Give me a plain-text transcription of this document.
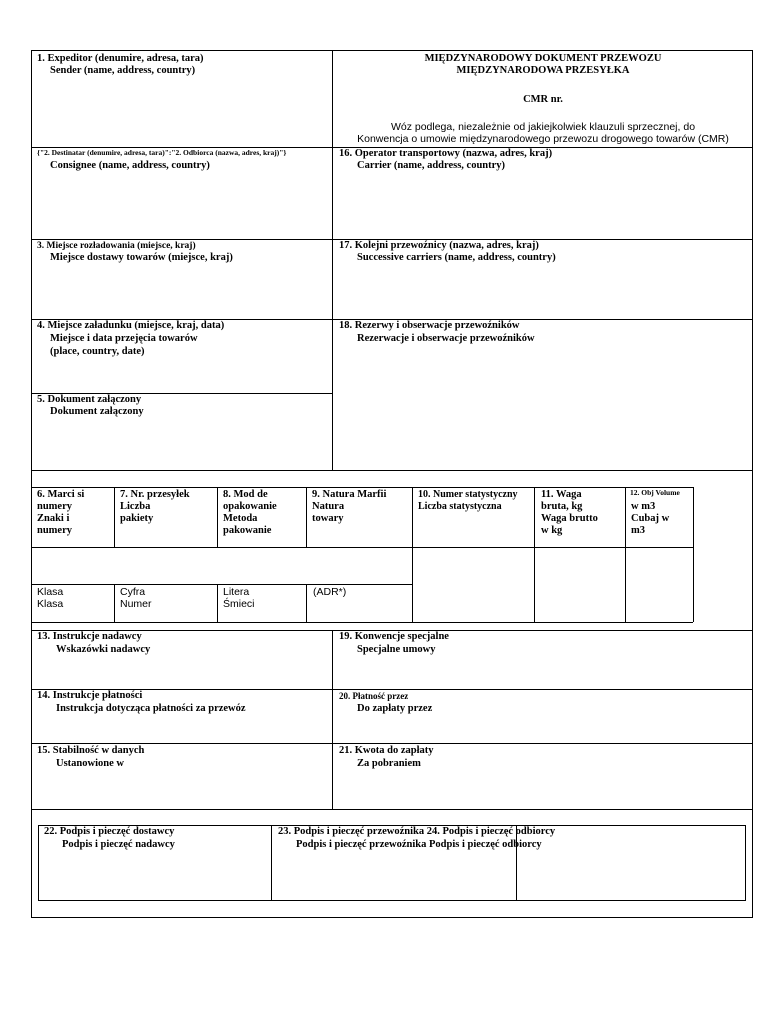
1. Expeditor (denumire, adresa, tara)
Sender (name, address, country)
MIĘDZYNARODOWY DOKUMENT PRZEWOZU
MIĘDZYNARODOWA PRZESYŁKA
CMR nr.
Wóz podlega, niezależnie od jakiejkolwiek klauzuli sprzecznej, do
Konwencja o umowie międzynarodowego przewozu drogowego towarów (CMR)
{"2. Destinatar (denumire, adresa, tara)":"2. Odbiorca (nazwa, adres, kraj)"}
Consignee (name, address, country)
16. Operator transportowy (nazwa, adres, kraj)
Carrier (name, address, country)
3. Miejsce rozładowania (miejsce, kraj)
Miejsce dostawy towarów (miejsce, kraj)
17. Kolejni przewoźnicy (nazwa, adres, kraj)
Successive carriers (name, address, country)
4. Miejsce załadunku (miejsce, kraj, data)
Miejsce i data przejęcia towarów
(place, country, date)
18. Rezerwy i obserwacje przewoźników
Rezerwacje i obserwacje przewoźników
5. Dokument załączony
Dokument załączony
6. Marci si
numery
Znaki i
numery
7. Nr. przesyłek
Liczba
pakiety
8. Mod de
opakowanie
Metoda
pakowanie
9. Natura Marfii
Natura
towary
10. Numer statystyczny
Liczba statystyczna
11. Waga
bruta, kg
Waga brutto
w kg
12. Obj Volume
w m3
Cubaj w
m3
Klasa
Klasa
Cyfra
Numer
Litera
Śmieci
(ADR*)
13. Instrukcje nadawcy
Wskazówki nadawcy
19. Konwencje specjalne
Specjalne umowy
14. Instrukcje płatności
Instrukcja dotycząca płatności za przewóz
20. Płatność przez
Do zapłaty przez
15. Stabilność w danych
Ustanowione w
21. Kwota do zapłaty
Za pobraniem
22. Podpis i pieczęć dostawcy
Podpis i pieczęć nadawcy
23. Podpis i pieczęć przewoźnika 24. Podpis i pieczęć odbiorcy
Podpis i pieczęć przewoźnika Podpis i pieczęć odbiorcy
